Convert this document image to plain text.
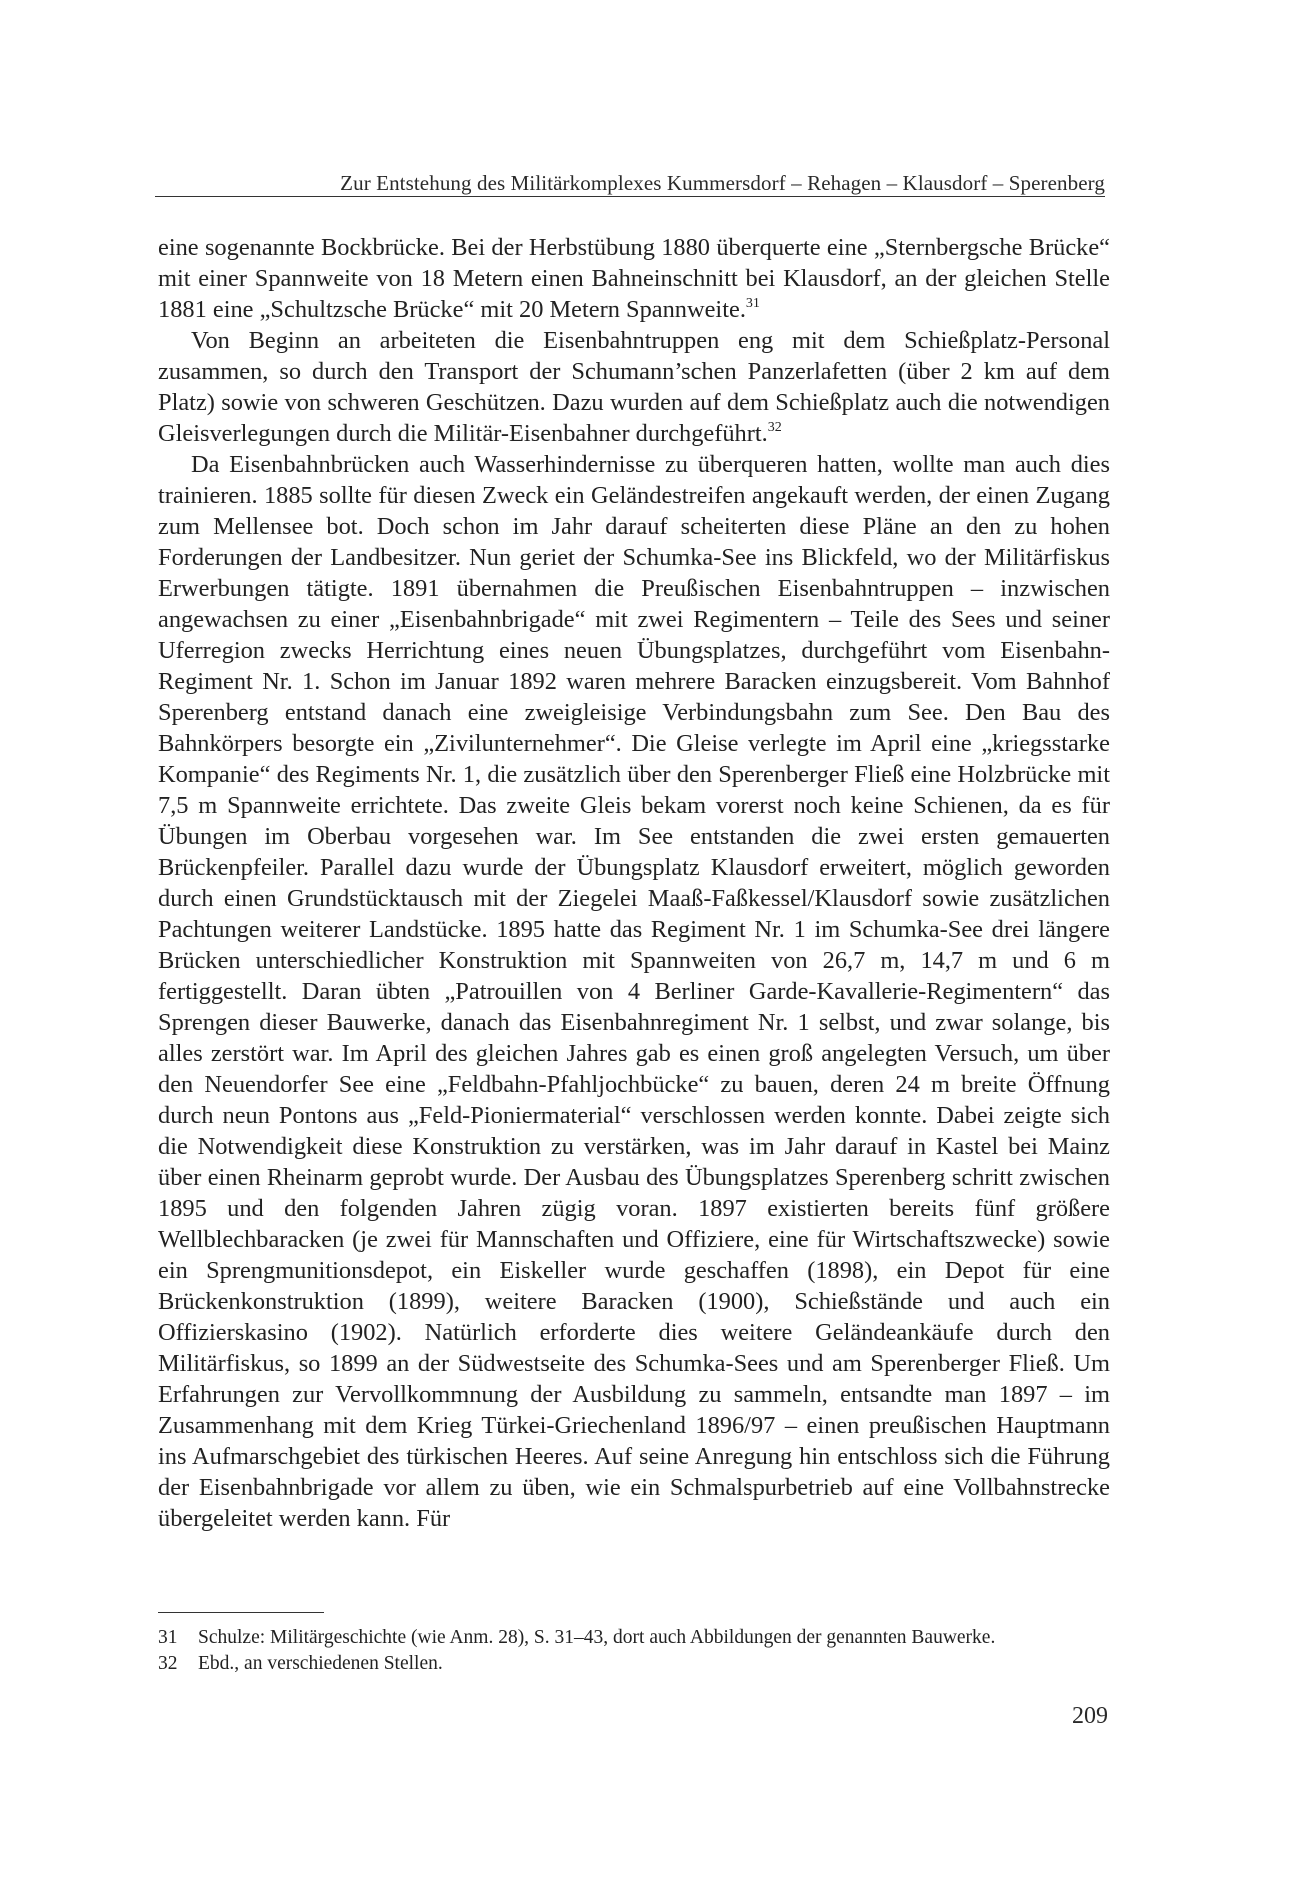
Zur Entstehung des Militärkomplexes Kummersdorf – Rehagen – Klausdorf – Sperenberg

eine sogenannte Bockbrücke. Bei der Herbstübung 1880 überquerte eine „Sternbergsche Brücke“ mit einer Spannweite von 18 Metern einen Bahneinschnitt bei Klausdorf, an der gleichen Stelle 1881 eine „Schultzsche Brücke“ mit 20 Metern Spannweite.$^{31}$

Von Beginn an arbeiteten die Eisenbahntruppen eng mit dem Schießplatz-Personal zusammen, so durch den Transport der Schumann’schen Panzerlafetten (über 2 km auf dem Platz) sowie von schweren Geschützen. Dazu wurden auf dem Schießplatz auch die notwendigen Gleisverlegungen durch die Militär-Eisenbahner durchgeführt.$^{32}$

Da Eisenbahnbrücken auch Wasserhindernisse zu überqueren hatten, wollte man auch dies trainieren. 1885 sollte für diesen Zweck ein Geländestreifen angekauft werden, der einen Zugang zum Mellensee bot. Doch schon im Jahr darauf scheiterten diese Pläne an den zu hohen Forderungen der Landbesitzer. Nun geriet der Schumka-See ins Blickfeld, wo der Militärfiskus Erwerbungen tätigte. 1891 übernahmen die Preußischen Eisenbahntruppen – inzwischen angewachsen zu einer „Eisenbahnbrigade“ mit zwei Regimentern – Teile des Sees und seiner Uferregion zwecks Herrichtung eines neuen Übungsplatzes, durchgeführt vom Eisenbahn-Regiment Nr. 1. Schon im Januar 1892 waren mehrere Baracken einzugsbereit. Vom Bahnhof Sperenberg entstand danach eine zweigleisige Verbindungsbahn zum See. Den Bau des Bahnkörpers besorgte ein „Zivilunternehmer“. Die Gleise verlegte im April eine „kriegsstarke Kompanie“ des Regiments Nr. 1, die zusätzlich über den Sperenberger Fließ eine Holzbrücke mit 7,5 m Spannweite errichtete. Das zweite Gleis bekam vorerst noch keine Schienen, da es für Übungen im Oberbau vorgesehen war. Im See entstanden die zwei ersten gemauerten Brückenpfeiler. Parallel dazu wurde der Übungsplatz Klausdorf erweitert, möglich geworden durch einen Grundstücktausch mit der Ziegelei Maaß-Faßkessel/Klausdorf sowie zusätzlichen Pachtungen weiterer Landstücke. 1895 hatte das Regiment Nr. 1 im Schumka-See drei längere Brücken unterschiedlicher Konstruktion mit Spannweiten von 26,7 m, 14,7 m und 6 m fertiggestellt. Daran übten „Patrouillen von 4 Berliner Garde-Kavallerie-Regimentern“ das Sprengen dieser Bauwerke, danach das Eisenbahnregiment Nr. 1 selbst, und zwar solange, bis alles zerstört war. Im April des gleichen Jahres gab es einen groß angelegten Versuch, um über den Neuendorfer See eine „Feldbahn-Pfahljochbücke“ zu bauen, deren 24 m breite Öffnung durch neun Pontons aus „Feld-Pioniermaterial“ verschlossen werden konnte. Dabei zeigte sich die Notwendigkeit diese Konstruktion zu verstärken, was im Jahr darauf in Kastel bei Mainz über einen Rheinarm geprobt wurde. Der Ausbau des Übungsplatzes Sperenberg schritt zwischen 1895 und den folgenden Jahren zügig voran. 1897 existierten bereits fünf größere Wellblechbaracken (je zwei für Mannschaften und Offiziere, eine für Wirtschaftszwecke) sowie ein Sprengmunitionsdepot, ein Eiskeller wurde geschaffen (1898), ein Depot für eine Brückenkonstruktion (1899), weitere Baracken (1900), Schießstände und auch ein Offizierskasino (1902). Natürlich erforderte dies weitere Geländeankäufe durch den Militärfiskus, so 1899 an der Südwestseite des Schumka-Sees und am Sperenberger Fließ. Um Erfahrungen zur Vervollkommnung der Ausbildung zu sammeln, entsandte man 1897 – im Zusammenhang mit dem Krieg Türkei-Griechenland 1896/97 – einen preußischen Hauptmann ins Aufmarschgebiet des türkischen Heeres. Auf seine Anregung hin entschloss sich die Führung der Eisenbahnbrigade vor allem zu üben, wie ein Schmalspurbetrieb auf eine Vollbahnstrecke übergeleitet werden kann. Für

31	Schulze: Militärgeschichte (wie Anm. 28), S. 31–43, dort auch Abbildungen der genannten Bauwerke.
32	Ebd., an verschiedenen Stellen.
209
